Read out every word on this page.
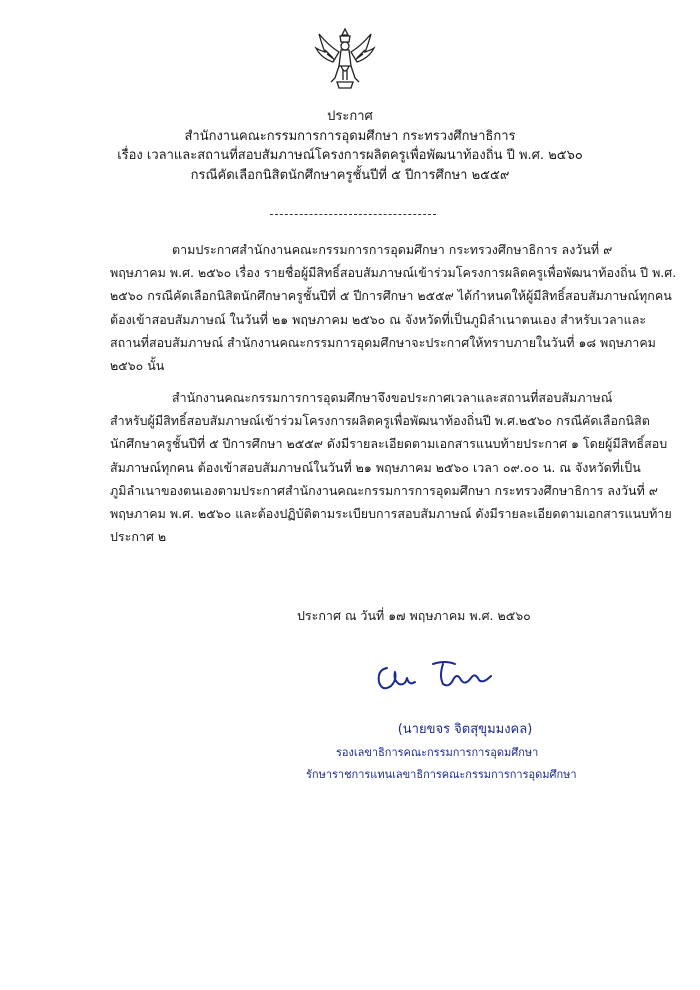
ประกาศ
สำนักงานคณะกรรมการการอุดมศึกษา กระทรวงศึกษาธิการ
เรื่อง เวลาและสถานที่สอบสัมภาษณ์โครงการผลิตครูเพื่อพัฒนาท้องถิ่น ปี พ.ศ. ๒๕๖๐
กรณีคัดเลือกนิสิตนักศึกษาครูชั้นปีที่ ๕ ปีการศึกษา ๒๕๕๙

ตามประกาศสำนักงานคณะกรรมการการอุดมศึกษา กระทรวงศึกษาธิการ ลงวันที่ ๙
พฤษภาคม พ.ศ. ๒๕๖๐ เรื่อง รายชื่อผู้มีสิทธิ์สอบสัมภาษณ์เข้าร่วมโครงการผลิตครูเพื่อพัฒนาท้องถิ่น ปี พ.ศ.
๒๕๖๐ กรณีคัดเลือกนิสิตนักศึกษาครูชั้นปีที่ ๕ ปีการศึกษา ๒๕๕๙ ได้กำหนดให้ผู้มีสิทธิ์สอบสัมภาษณ์ทุกคน
ต้องเข้าสอบสัมภาษณ์ ในวันที่ ๒๑ พฤษภาคม ๒๕๖๐ ณ จังหวัดที่เป็นภูมิลำเนาตนเอง สำหรับเวลาและ
สถานที่สอบสัมภาษณ์ สำนักงานคณะกรรมการอุดมศึกษาจะประกาศให้ทราบภายในวันที่ ๑๘ พฤษภาคม
๒๕๖๐ นั้น

สำนักงานคณะกรรมการการอุดมศึกษาจึงขอประกาศเวลาและสถานที่สอบสัมภาษณ์
สำหรับผู้มีสิทธิ์สอบสัมภาษณ์เข้าร่วมโครงการผลิตครูเพื่อพัฒนาท้องถิ่นปี พ.ศ.๒๕๖๐ กรณีคัดเลือกนิสิต
นักศึกษาครูชั้นปีที่ ๕ ปีการศึกษา ๒๕๕๙ ดังมีรายละเอียดตามเอกสารแนบท้ายประกาศ ๑ โดยผู้มีสิทธิ์สอบ
สัมภาษณ์ทุกคน ต้องเข้าสอบสัมภาษณ์ในวันที่ ๒๑ พฤษภาคม ๒๕๖๐ เวลา ๐๙.๐๐ น. ณ จังหวัดที่เป็น
ภูมิลำเนาของตนเองตามประกาศสำนักงานคณะกรรมการการอุดมศึกษา กระทรวงศึกษาธิการ ลงวันที่ ๙
พฤษภาคม พ.ศ. ๒๕๖๐ และต้องปฏิบัติตามระเบียบการสอบสัมภาษณ์ ดังมีรายละเอียดตามเอกสารแนบท้าย
ประกาศ ๒

ประกาศ ณ วันที่ ๑๗ พฤษภาคม พ.ศ. ๒๕๖๐
(นายขจร จิตสุขุมมงคล)
รองเลขาธิการคณะกรรมการการอุดมศึกษา
รักษาราชการแทนเลขาธิการคณะกรรมการการอุดมศึกษา
